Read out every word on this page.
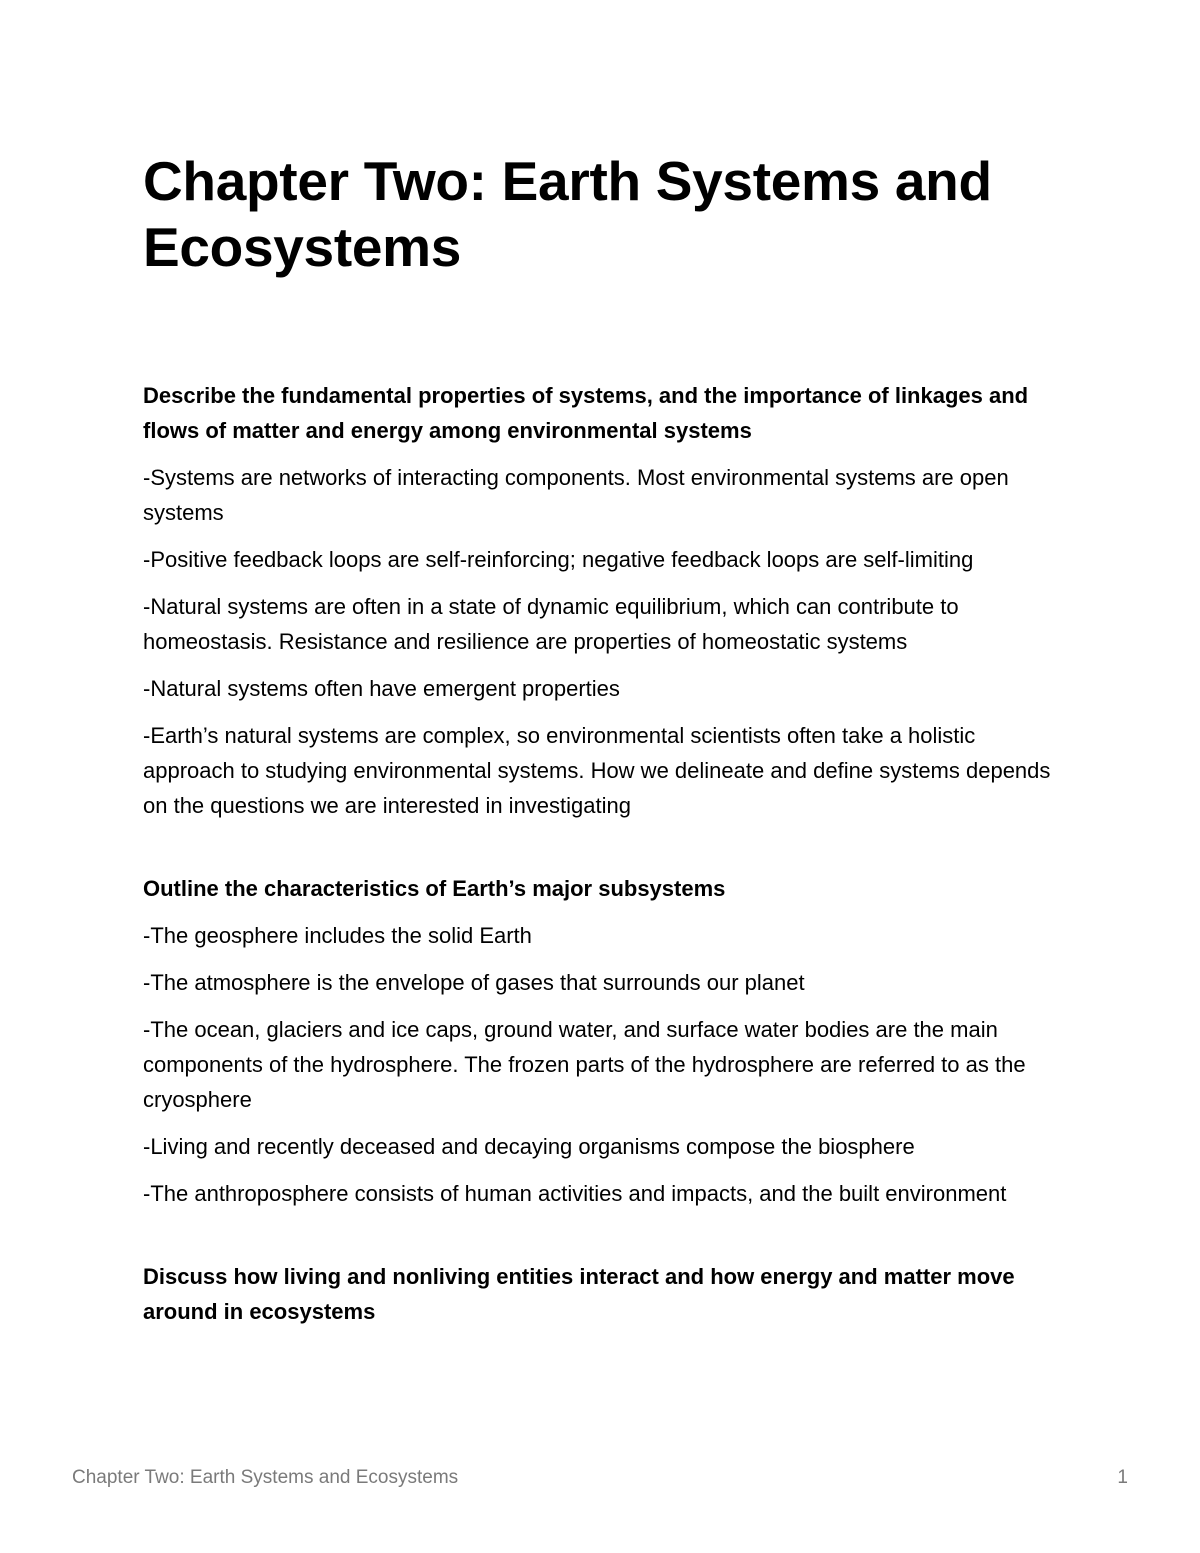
Chapter Two: Earth Systems and Ecosystems

Describe the fundamental properties of systems, and the importance of linkages and flows of matter and energy among environmental systems

-Systems are networks of interacting components. Most environmental systems are open systems

-Positive feedback loops are self-reinforcing; negative feedback loops are self-limiting

-Natural systems are often in a state of dynamic equilibrium, which can contribute to homeostasis. Resistance and resilience are properties of homeostatic systems

-Natural systems often have emergent properties

-Earth’s natural systems are complex, so environmental scientists often take a holistic approach to studying environmental systems. How we delineate and define systems depends on the questions we are interested in investigating

Outline the characteristics of Earth’s major subsystems

-The geosphere includes the solid Earth

-The atmosphere is the envelope of gases that surrounds our planet

-The ocean, glaciers and ice caps, ground water, and surface water bodies are the main components of the hydrosphere. The frozen parts of the hydrosphere are referred to as the cryosphere

-Living and recently deceased and decaying organisms compose the biosphere

-The anthroposphere consists of human activities and impacts, and the built environment

Discuss how living and nonliving entities interact and how energy and matter move around in ecosystems

Chapter Two: Earth Systems and Ecosystems	1
